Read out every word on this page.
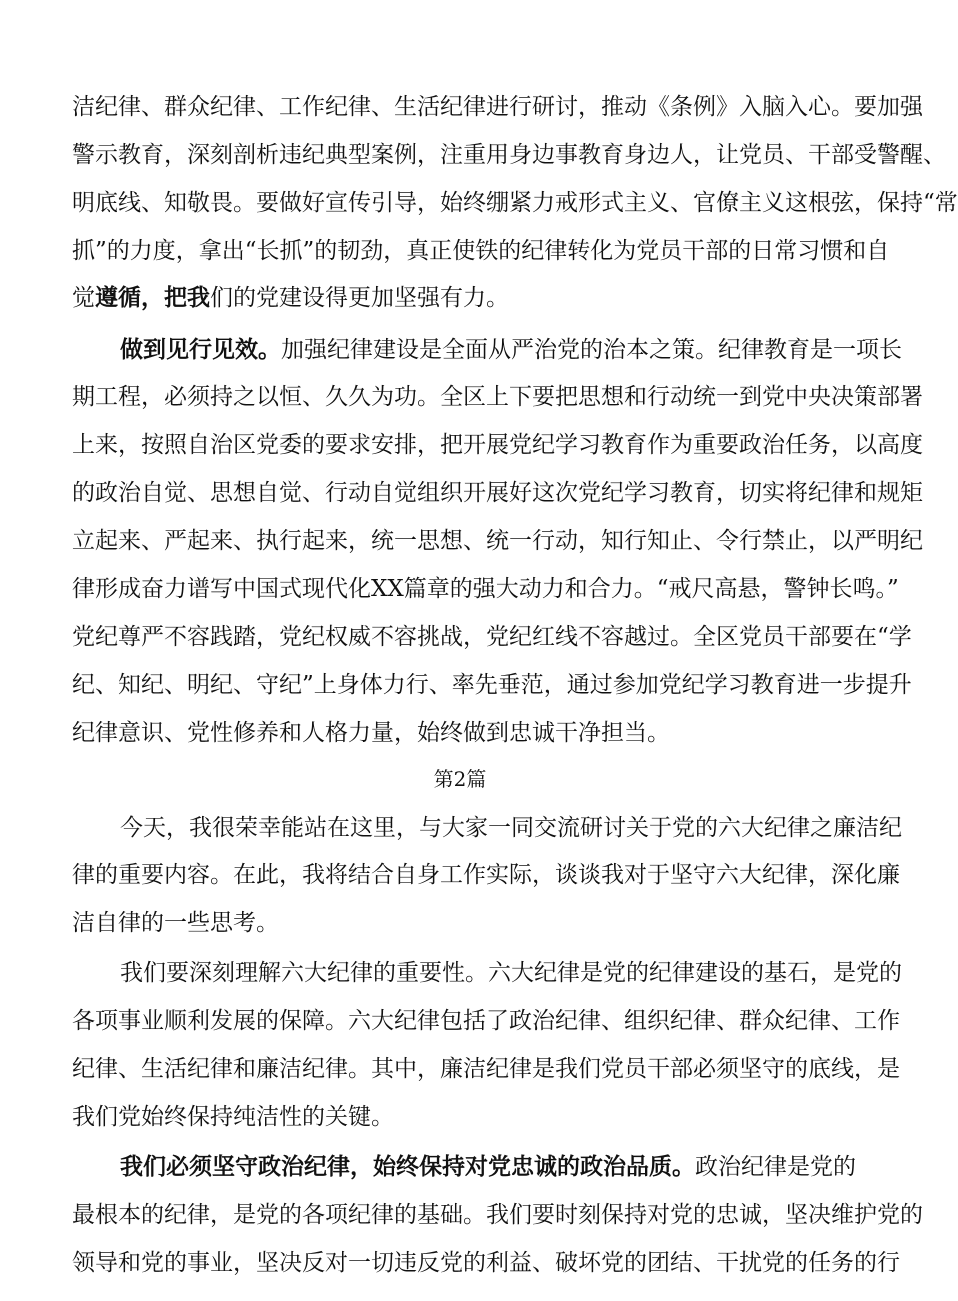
洁纪律、群众纪律、工作纪律、生活纪律进行研讨，推动《条例》入脑入心。要加强
警示教育，深刻剖析违纪典型案例，注重用身边事教育身边人，让党员、干部受警醒、
明底线、知敬畏。要做好宣传引导，始终绷紧力戒形式主义、官僚主义这根弦，保持“常
抓”的力度，拿出“长抓”的韧劲，真正使铁的纪律转化为党员干部的日常习惯和自
觉遵循，把我们的党建设得更加坚强有力。
做到见行见效。加强纪律建设是全面从严治党的治本之策。纪律教育是一项长
期工程，必须持之以恒、久久为功。全区上下要把思想和行动统一到党中央决策部署
上来，按照自治区党委的要求安排，把开展党纪学习教育作为重要政治任务，以高度
的政治自觉、思想自觉、行动自觉组织开展好这次党纪学习教育，切实将纪律和规矩
立起来、严起来、执行起来，统一思想、统一行动，知行知止、令行禁止，以严明纪
律形成奋力谱写中国式现代化XX篇章的强大动力和合力。“戒尺高悬，警钟长鸣。”
党纪尊严不容践踏，党纪权威不容挑战，党纪红线不容越过。全区党员干部要在“学
纪、知纪、明纪、守纪”上身体力行、率先垂范，通过参加党纪学习教育进一步提升
纪律意识、党性修养和人格力量，始终做到忠诚干净担当。
第2篇
今天，我很荣幸能站在这里，与大家一同交流研讨关于党的六大纪律之廉洁纪
律的重要内容。在此，我将结合自身工作实际，谈谈我对于坚守六大纪律，深化廉
洁自律的一些思考。
我们要深刻理解六大纪律的重要性。六大纪律是党的纪律建设的基石，是党的
各项事业顺利发展的保障。六大纪律包括了政治纪律、组织纪律、群众纪律、工作
纪律、生活纪律和廉洁纪律。其中，廉洁纪律是我们党员干部必须坚守的底线，是
我们党始终保持纯洁性的关键。
我们必须坚守政治纪律，始终保持对党忠诚的政治品质。政治纪律是党的
最根本的纪律，是党的各项纪律的基础。我们要时刻保持对党的忠诚，坚决维护党的
领导和党的事业，坚决反对一切违反党的利益、破坏党的团结、干扰党的任务的行
